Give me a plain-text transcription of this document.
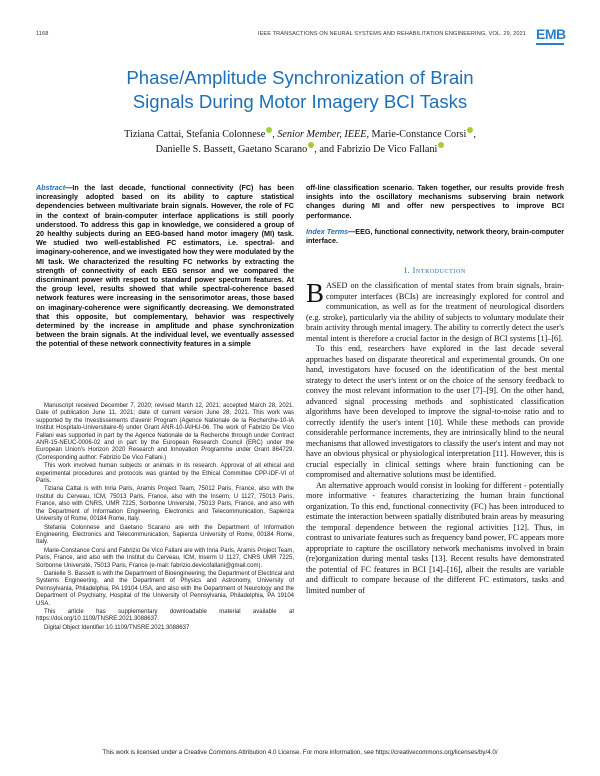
1168	IEEE TRANSACTIONS ON NEURAL SYSTEMS AND REHABILITATION ENGINEERING, VOL. 29, 2021 EMB
Phase/Amplitude Synchronization of Brain
Signals During Motor Imagery BCI Tasks
Tiziana Cattai, Stefania Colonnese , Senior Member, IEEE, Marie-Constance Corsi ,
Danielle S. Bassett, Gaetano Scarano , and Fabrizio De Vico Fallani

Abstract—In the last decade, functional connectivity (FC) has been increasingly adopted based on its ability to capture statistical dependencies between multivariate brain signals. However, the role of FC in the context of brain-computer interface applications is still poorly understood. To address this gap in knowledge, we considered a group of 20 healthy subjects during an EEG-based hand motor imagery (MI) task. We studied two well-established FC estimators, i.e. spectral- and imaginary-coherence, and we investigated how they were modulated by the MI task. We characterized the resulting FC networks by extracting the strength of connectivity of each EEG sensor and we compared the discriminant power with respect to standard power spectrum features. At the group level, results showed that while spectral-coherence based network features were increasing in the sensorimotor areas, those based on imaginary-coherence were significantly decreasing. We demonstrated that this opposite, but complementary, behavior was respectively determined by the increase in amplitude and phase synchronization between the brain signals. At the individual level, we eventually assessed the potential of these network connectivity features in a simple

off-line classification scenario. Taken together, our results provide fresh insights into the oscillatory mechanisms subserving brain network changes during MI and offer new perspectives to improve BCI performance.

Index Terms—EEG, functional connectivity, network theory, brain-computer interface.

Manuscript received December 7, 2020; revised March 12, 2021; accepted March 28, 2021. Date of publication June 11, 2021; date of current version June 28, 2021. This work was supported by the Investissements d'avenir Program (Agence Nationale de la Recherche-10-IA Institut Hospitalo-Universitaire-6) under Grant ANR-10-IAIHU-06. The work of Fabrizio De Vico Fallani was supported in part by the Agence Nationale de la Recherche through under Contract ANR-15-NEUC-0006-02 and in part by the European Research Council (ERC) under the European Union's Horizon 2020 Research and Innovation Programme under Grant 864729. (Corresponding author: Fabrizio De Vico Fallani.)

This work involved human subjects or animals in its research. Approval of all ethical and experimental procedures and protocols was granted by the Ethical Committee CPP-IDF-VI of Paris.

Tiziana Cattai is with Inria Paris, Aramis Project Team, 75012 Paris, France, also with the Institut du Cerveau, ICM, 75013 Paris, France, also with the Inserm, U 1127, 75013 Paris, France, also with CNRS, UMR 7225, Sorbonne Université, 75013 Paris, France, and also with the Department of Information Engineering, Electronics and Telecommunication, Sapienza University of Rome, 00184 Rome, Italy.

Stefania Colonnese and Gaetano Scarano are with the Department of Information Engineering, Electronics and Telecommunication, Sapienza University of Rome, 00184 Rome, Italy.

Marie-Constance Corsi and Fabrizio De Vico Fallani are with Inria Paris, Aramis Project Team, Paris, France, and also with the Institut du Cerveau, ICM, Inserm U 1127, CNRS UMR 7225, Sorbonne Université, 75013 Paris, France (e-mail: fabrizio.devicofallani@gmail.com).

Danielle S. Bassett is with the Department of Bioengineering, the Department of Electrical and Systems Engineering, and the Department of Physics and Astronomy, University of Pennsylvania, Philadelphia, PA 19104 USA, and also with the Department of Neurology and the Department of Psychiatry, Hospital of the University of Pennsylvania, Philadelphia, PA 19104 USA.

This article has supplementary downloadable material available at https://doi.org/10.1109/TNSRE.2021.3088637.

Digital Object Identifier 10.1109/TNSRE.2021.3088637

I. Introduction

BASED on the classification of mental states from brain signals, brain-computer interfaces (BCIs) are increasingly explored for control and communication, as well as for the treatment of neurological disorders (e.g. stroke), particularly via the ability of subjects to voluntary modulate their brain activity through mental imagery. The ability to correctly detect the user's mental intent is therefore a crucial factor in the design of BCI systems [1]–[6].

To this end, researchers have explored in the last decade several approaches based on disparate theoretical and experimental grounds. On one hand, investigators have focused on the identification of the best mental strategy to detect the user's intent or on the choice of the sensory feedback to convey the most relevant information to the user [7]–[9]. On the other hand, advanced signal processing methods and sophisticated classification algorithms have been developed to improve the signal-to-noise ratio and to correctly identify the user's intent [10]. While these methods can provide considerable performance increments, they are intrinsically blind to the neural mechanisms that allowed investigators to classify the user's intent and may not have an obvious physical or physiological interpretation [11]. However, this is crucial especially in clinical settings where brain functioning can be compromised and alternative solutions must be identified.

An alternative approach would consist in looking for different - potentially more informative - features characterizing the human brain functional organization. To this end, functional connectivity (FC) has been introduced to estimate the interaction between spatially distributed brain areas by measuring the temporal dependence between the regional activities [12]. Thus, in contrast to univariate features such as frequency band power, FC appears more appropriate to capture the oscillatory network mechanisms involved in brain (re)organization during mental tasks [13]. Recent results have demonstrated the potential of FC features in BCI [14]–[16], albeit the results are variable and difficult to compare because of the different FC estimators, tasks and limited number of

This work is licensed under a Creative Commons Attribution 4.0 License. For more information, see https://creativecommons.org/licenses/by/4.0/
